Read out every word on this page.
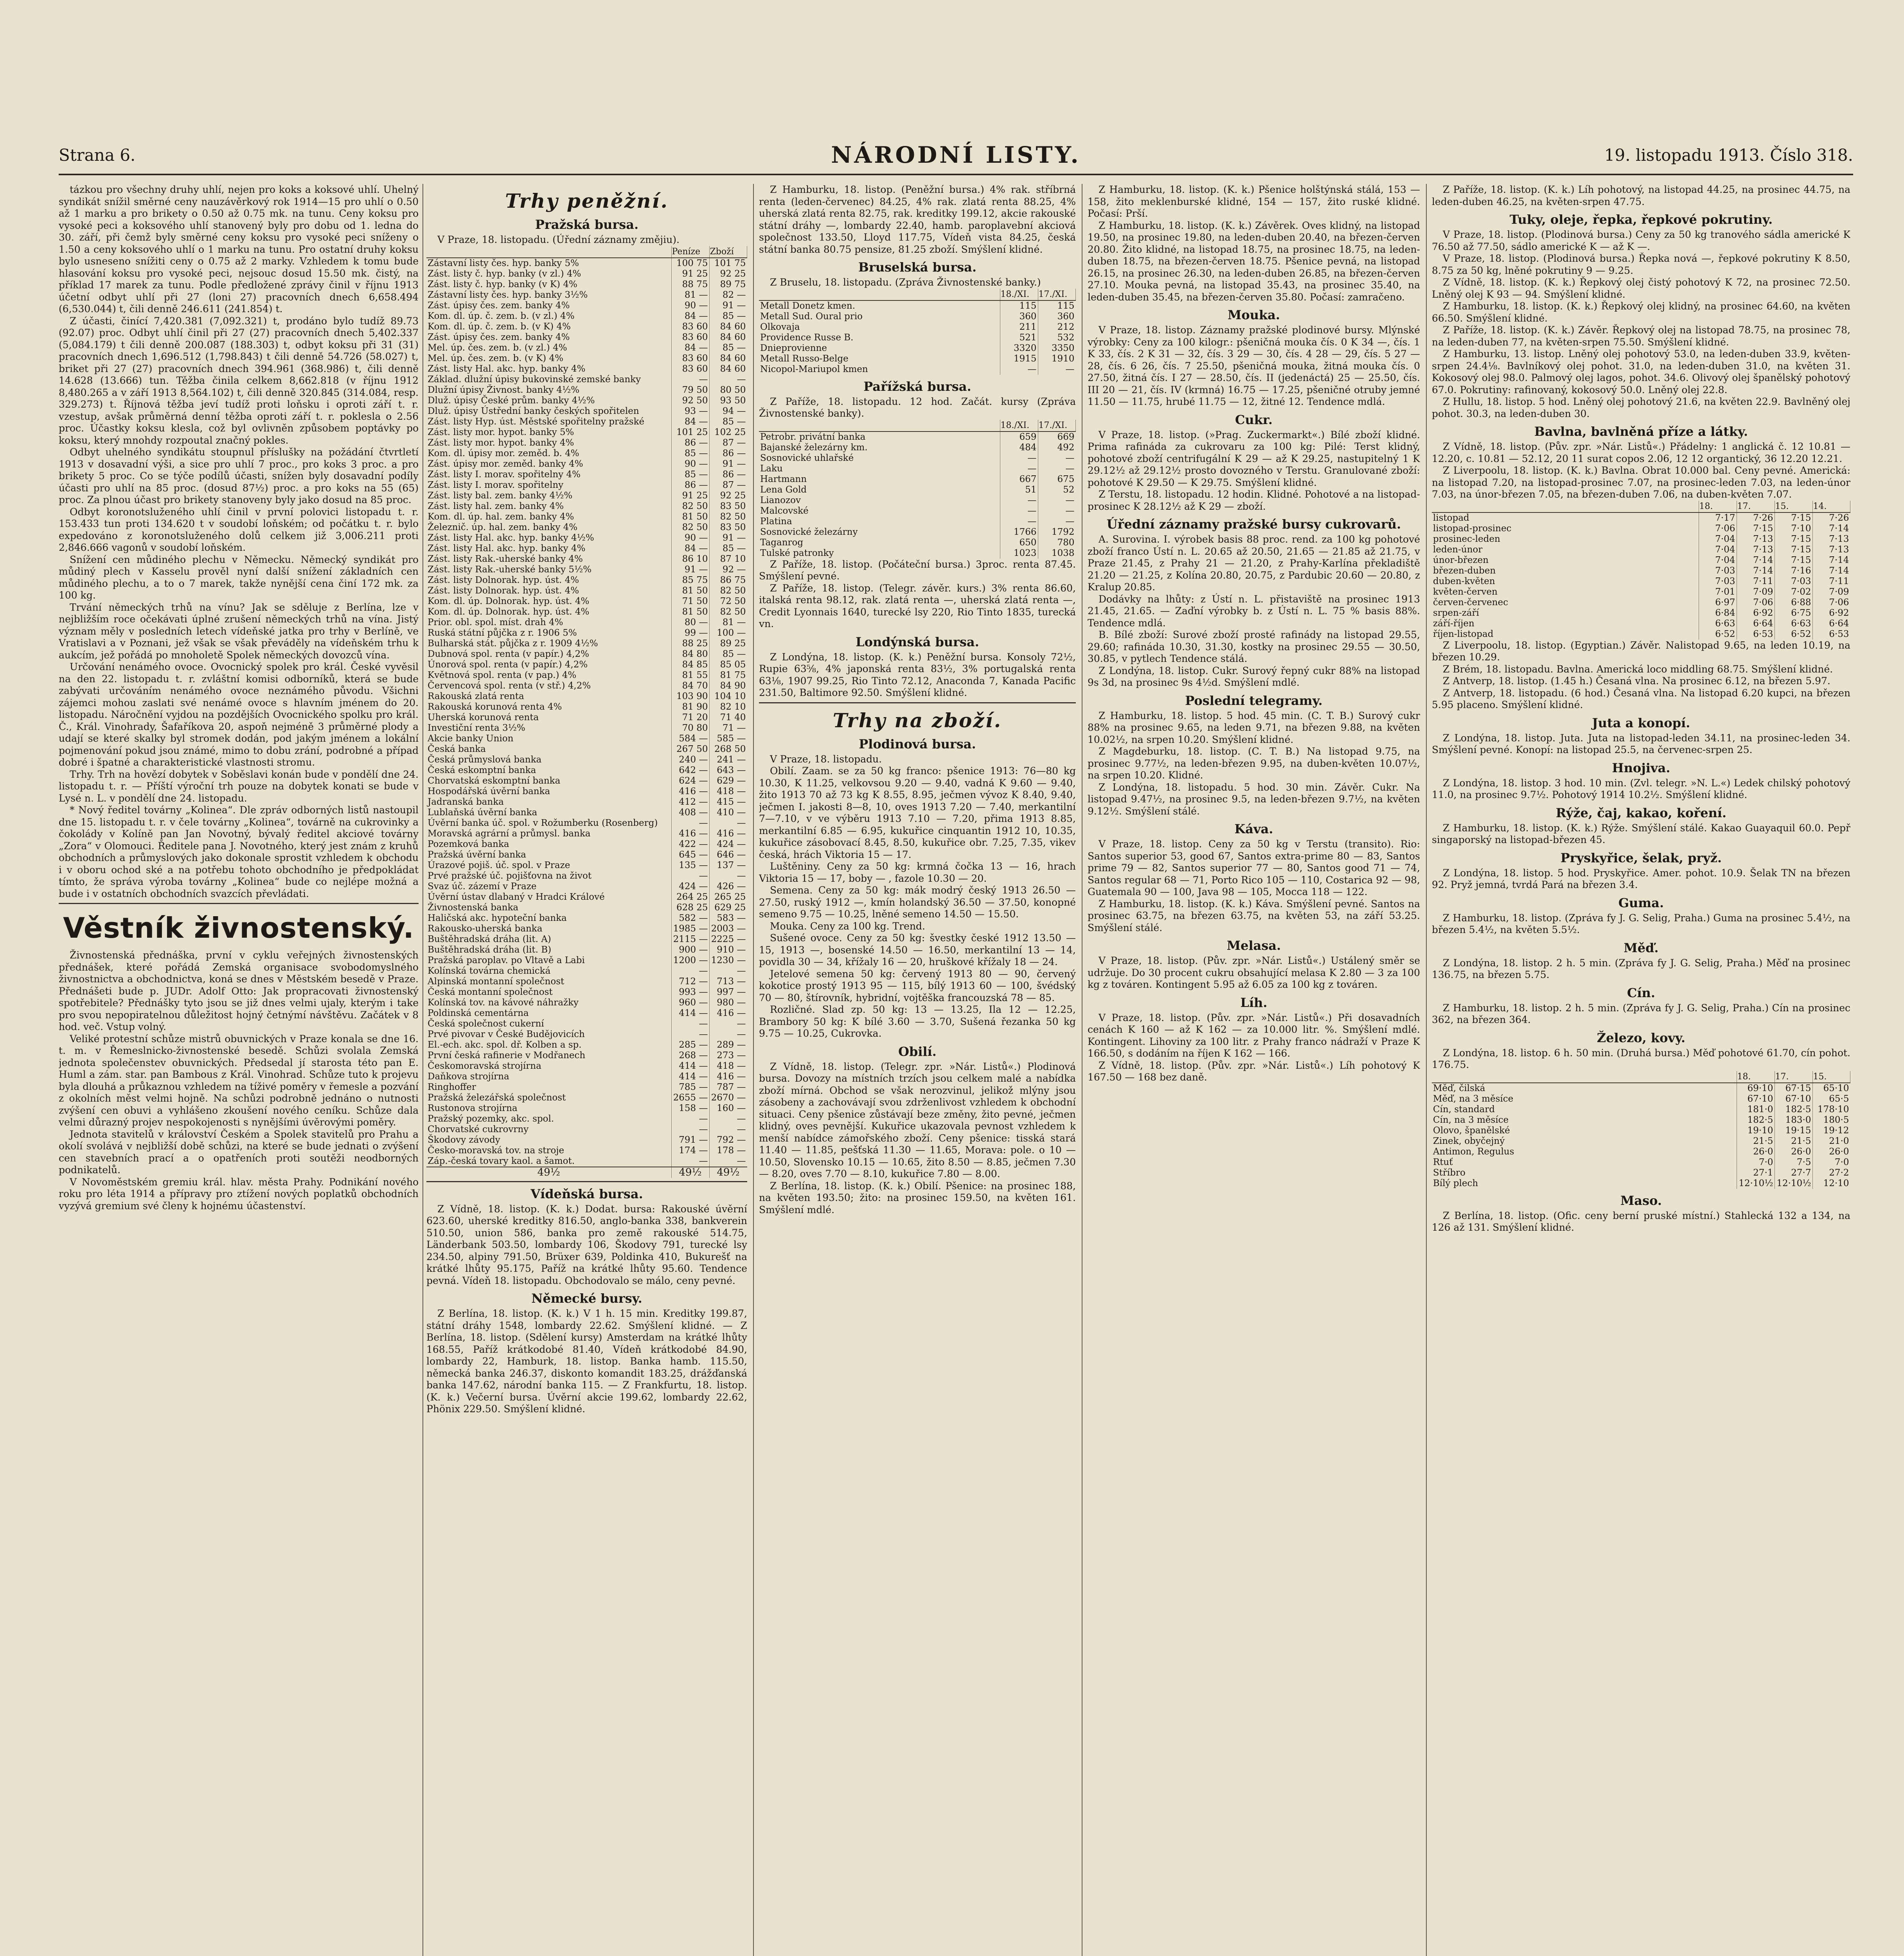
Strana 6.	NÁRODNÍ LISTY.	19. listopadu 1913. Číslo 318.

tázkou pro všechny druhy uhlí, nejen pro koks a koksové uhlí. Uhelný syndikát snížil směrné ceny nauzávěrkový rok 1914—15 pro uhlí o 0.50 až 1 marku a pro brikety o 0.50 až 0.75 mk. na tunu. Ceny koksu pro vysoké peci a koksového uhlí stanovený byly pro dobu od 1. ledna do 30. září, při čemž byly směrné ceny koksu pro vysoké peci sníženy o 1.50 a ceny koksového uhlí o 1 marku na tunu. Pro ostatní druhy koksu bylo usneseno snížiti ceny o 0.75 až 2 marky. Vzhledem k tomu bude hlasování koksu pro vysoké peci, nejsouc dosud 15.50 mk. čistý, na příklad 17 marek za tunu. Podle předložené zprávy činil v říjnu 1913 účetní odbyt uhlí při 27 (loni 27) pracovních dnech 6,658.494 (6,530.044) t, čili denně 246.611 (241.854) t.

Z účasti, činící 7,420.381 (7,092.321) t, prodáno bylo tudíž 89.73 (92.07) proc. Odbyt uhlí činil při 27 (27) pracovních dnech 5,402.337 (5,084.179) t čili denně 200.087 (188.303) t, odbyt koksu při 31 (31) pracovních dnech 1,696.512 (1,798.843) t čili denně 54.726 (58.027) t, briket při 27 (27) pracovních dnech 394.961 (368.986) t, čili denně 14.628 (13.666) tun. Těžba činila celkem 8,662.818 (v říjnu 1912 8,480.265 a v září 1913 8,564.102) t, čili denně 320.845 (314.084, resp. 329.273) t. Říjnová těžba jeví tudíž proti loňsku i oproti září t. r. vzestup, avšak průměrná denní těžba oproti září t. r. poklesla o 2.56 proc. Účastky koksu klesla, což byl ovlivněn způsobem poptávky po koksu, který mnohdy rozpoutal značný pokles.

Odbyt uhelného syndikátu stoupnul příslušky na požádání čtvrtletí 1913 v dosavadní výši, a sice pro uhlí 7 proc., pro koks 3 proc. a pro brikety 5 proc. Co se týče podílů účasti, snížen byly dosavadní podíly účasti pro uhlí na 85 proc. (dosud 87½) proc. a pro koks na 55 (65) proc. Za plnou účast pro brikety stanoveny byly jako dosud na 85 proc.

Odbyt koronotsluženého uhlí činil v první polovici listopadu t. r. 153.433 tun proti 134.620 t v soudobí loňském; od počátku t. r. bylo expedováno z koronotsluženého dolů celkem již 3,006.211 proti 2,846.666 vagonů v soudobí loňském.

Snížení cen můdiného plechu v Německu. Německý syndikát pro můdiný plech v Kasselu prověl nyní další snížení základních cen můdiného plechu, a to o 7 marek, takže nynější cena činí 172 mk. za 100 kg.

Trvání německých trhů na vínu? Jak se sděluje z Berlína, lze v nejbližším roce očekávati úplné zrušení německých trhů na vína. Jistý význam měly v posledních letech vídeňské jatka pro trhy v Berlíně, ve Vratislavi a v Poznani, jež však se však převáděly na vídeňském trhu k aukcím, jež pořádá po mnoholetě Spolek německých dovozců vína.

Určování nenámého ovoce. Ovocnický spolek pro král. České vyvěsil na den 22. listopadu t. r. zvláštní komisi odborníků, která se bude zabývati určováním nenámého ovoce neznámého původu. Všichni zájemci mohou zaslati své nenámé ovoce s hlavním jménem do 20. listopadu. Náročnění vyjdou na pozdějších Ovocnického spolku pro král. Č., Král. Vinohrady, Šafaříkova 20, aspoň nejméně 3 průměrné plody a udají se které skalky byl stromek dodán, pod jakým jménem a lokální pojmenování pokud jsou známé, mimo to dobu zrání, podrobné a případ dobré i špatné a charakteristické vlastnosti stromu.

Trhy. Trh na hovězí dobytek v Soběslavi konán bude v pondělí dne 24. listopadu t. r. — Příští výroční trh pouze na dobytek konati se bude v Lysé n. L. v pondělí dne 24. listopadu.

* Nový ředitel továrny „Kolinea“. Dle zpráv odborných listů nastoupil dne 15. listopadu t. r. v čele továrny „Kolinea“, továrně na cukrovinky a čokolády v Kolíně pan Jan Novotný, bývalý ředitel akciové továrny „Zora“ v Olomouci. Ředitele pana J. Novotného, který jest znám z kruhů obchodních a průmyslových jako dokonale sprostit vzhledem k obchodu i v oboru ochod ské a na potřebu tohoto obchodního je předpokládat tímto, že správa výroba továrny „Kolinea“ bude co nejlépe možná a bude i v ostatních obchodních svazcích převládati.

Věstník živnostenský.

Živnostenská přednáška, první v cyklu veřejných živnostenských přednášek, které pořádá Zemská organisace svobodomyslného živnostnictva a obchodnictva, koná se dnes v Městském besedě v Praze. Přednášeti bude p. JUDr. Adolf Otto: Jak propracovati živnostenský spotřebitele? Přednášky tyto jsou se již dnes velmi ujaly, kterým i take pro svou nepopiratelnou důležitost hojný četnýmí návštěvu. Začátek v 8 hod. več. Vstup volný.

Veliké protestní schůze mistrů obuvnických v Praze konala se dne 16. t. m. v Řemeslnicko-živnostenské besedě. Schůzi svolala Zemská jednota společenstev obuvnických. Předsedal jí starosta této pan E. Huml a zám. star. pan Bambous z Král. Vinohrad. Schůze tuto k projevu byla dlouhá a průkaznou vzhledem na tíživé poměry v řemesle a pozvání z okolních měst velmi hojně. Na schůzi podrobně jednáno o nutnosti zvýšení cen obuvi a vyhlášeno zkoušení nového ceníku. Schůze dala velmi důrazný projev nespokojenosti s nynějšími úvěrovými poměry.

Jednota stavitelů v království Českém a Spolek stavitelů pro Prahu a okolí svolává v nejbližší době schůzi, na které se bude jednati o zvýšení cen stavebních prací a o opatřeních proti soutěži neodborných podnikatelů.

V Novoměstském gremiu král. hlav. města Prahy. Podnikání nového roku pro léta 1914 a přípravy pro ztížení nových poplatků obchodních vyzývá gremium své členy k hojnému účastenství.

Trhy peněžní.
Pražská bursa.

V Praze, 18. listopadu. (Úřední záznamy změjiu).

	Peníze	Zboží
Zástavní listy čes. hyp. banky 5%	100 75	101 75
Zást. listy č. hyp. banky (v zl.) 4%	91 25	92 25
Zást. listy č. hyp. banky (v K) 4%	88 75	89 75
Zástavní listy čes. hyp. banky 3½%	81 —	82 —
Zást. úpisy čes. zem. banky 4%	90 —	91 —
Kom. dl. úp. č. zem. b. (v zl.) 4%	84 —	85 —
Kom. dl. úp. č. zem. b. (v K) 4%	83 60	84 60
Zást. úpisy čes. zem. banky 4%	83 60	84 60
Mel. úp. čes. zem. b. (v zl.) 4%	84 —	85 —
Mel. úp. čes. zem. b. (v K) 4%	83 60	84 60
Zást. listy Hal. akc. hyp. banky 4%	83 60	84 60
Základ. dlužní úpisy bukovinské zemské banky	—	—
Dlužní úpisy Živnost. banky 4½%	79 50	80 50
Dluž. úpisy České prům. banky 4½%	92 50	93 50
Dluž. úpisy Ústřední banky českých spořitelen	93 —	94 —
Zást. listy Hyp. úst. Městské spořitelny pražské	84 —	85 —
Zást. listy mor. hypot. banky 5%	101 25	102 25
Zást. listy mor. hypot. banky 4%	86 —	87 —
Kom. dl. úpisy mor. zeměd. b. 4%	85 —	86 —
Zást. úpisy mor. zeměd. banky 4%	90 —	91 —
Zást. listy I. morav. spořitelny 4%	85 —	86 —
Zást. listy I. morav. spořitelny	86 —	87 —
Zást. listy bal. zem. banky 4½%	91 25	92 25
Zást. listy hal. zem. banky 4%	82 50	83 50
Kom. dl. úp. hal. zem. banky 4%	81 50	82 50
Železnič. úp. hal. zem. banky 4%	82 50	83 50
Zást. listy Hal. akc. hyp. banky 4½%	90 —	91 —
Zást. listy Hal. akc. hyp. banky 4%	84 —	85 —
Zást. listy Rak.-uherské banky 4%	86 10	87 10
Zást. listy Rak.-uherské banky 5½%	91 —	92 —
Zást. listy Dolnorak. hyp. úst. 4%	85 75	86 75
Zást. listy Dolnorak. hyp. úst. 4%	81 50	82 50
Kom. dl. úp. Dolnorak. hyp. úst. 4%	71 50	72 50
Kom. dl. úp. Dolnorak. hyp. úst. 4%	81 50	82 50
Prior. obl. spol. míst. drah 4%	80 —	81 —
Ruská státní půjčka z r. 1906 5%	99 —	100 —
Bulharská stát. půjčka z r. 1909 4½%	88 25	89 25
Dubnová spol. renta (v papír.) 4,2%	84 80	85 —
Únorová spol. renta (v papír.) 4,2%	84 85	85 05
Květnová spol. renta (v pap.) 4%	81 55	81 75
Červencová spol. renta (v stř.) 4,2%	84 70	84 90
Rakouská zlatá renta	103 90	104 10
Rakouská korunová renta 4%	81 90	82 10
Uherská korunová renta	71 20	71 40
Investiční renta 3½%	70 80	71 —
Akcie banky Union	584 —	585 —
Česká banka	267 50	268 50
Česká průmyslová banka	240 —	241 —
Česká eskomptní banka	642 —	643 —
Chorvatská eskomptní banka	624 —	629 —
Hospodářská úvěrní banka	416 —	418 —
Jadranská banka	412 —	415 —
Lublaňská úvěrní banka	408 —	410 —
Úvěrní banka úč. spol. v Rožumberku (Rosenberg)	—	—
Moravská agrární a průmysl. banka	416 —	416 —
Pozemková banka	422 —	424 —
Pražská úvěrní banka	645 —	646 —
Úrazové pojiš. úč. spol. v Praze	135 —	137 —
Prvé pražské úč. pojišťovna na život	—	—
Svaz úč. zázemí v Praze	424 —	426 —
Úvěrní ústav dlabaný v Hradci Králové	264 25	265 25
Živnostenská banka	628 25	629 25
Haličská akc. hypoteční banka	582 —	583 —
Rakousko-uherská banka	1985 —	2003 —
Buštěhradská dráha (lit. A)	2115 —	2225 —
Buštěhradská dráha (lit. B)	900 —	910 —
Pražská paroplav. po Vltavě a Labi	1200 —	1230 —
Kolínská továrna chemická	—	—
Alpinská montanní společnost	712 —	713 —
Česká montanní společnost	993 —	997 —
Kolínská tov. na kávové náhražky	960 —	980 —
Poldinská cementárna	414 —	416 —
Česká společnost cukerní	—	—
Prvé pivovar v České Budějovicích	—	—
El.-ech. akc. spol. dř. Kolben a sp.	285 —	289 —
První česká rafinerie v Modřanech	268 —	273 —
Českomoravská strojírna	414 —	418 —
Daňkova strojírna	414 —	416 —
Ringhoffer	785 —	787 —
Pražská železářská společnost	2655 —	2670 —
Rustonova strojírna	158 —	160 —
Pražský pozemky, akc. spol.	—	—
Chorvatské cukrovrny	—	—
Škodovy závody	791 —	792 —
Česko-moravská tov. na stroje	174 —	178 —
Záp.-česká tovary kaol. a šamot.	—	—
49½	49½	49½
Vídeňská bursa.

Z Vídně, 18. listop. (K. k.) Dodat. bursa: Rakouské úvěrní 623.60, uherské kreditky 816.50, anglo-banka 338, bankverein 510.50, union 586, banka pro země rakouské 514.75, Länderbank 503.50, lombardy 106, Škodovy 791, turecké lsy 234.50, alpiny 791.50, Brüxer 639, Poldinka 410, Bukurešť na krátké lhůty 95.175, Paříž na krátké lhůty 95.60. Tendence pevná. Vídeň 18. listopadu. Obchodovalo se málo, ceny pevné.

Německé bursy.

Z Berlína, 18. listop. (K. k.) V 1 h. 15 min. Kreditky 199.87, státní dráhy 1548, lombardy 22.62. Smýšlení klidné. — Z Berlína, 18. listop. (Sdělení kursy) Amsterdam na krátké lhůty 168.55, Paříž krátkodobé 81.40, Vídeň krátkodobé 84.90, lombardy 22, Hamburk, 18. listop. Banka hamb. 115.50, německá banka 246.37, diskonto komandit 183.25, drážďanská banka 147.62, národní banka 115. — Z Frankfurtu, 18. listop. (K. k.) Večerní bursa. Úvěrní akcie 199.62, lombardy 22.62, Phönix 229.50. Smýšlení klidné.

Z Hamburku, 18. listop. (Peněžní bursa.) 4% rak. stříbrná renta (leden-červenec) 84.25, 4% rak. zlatá renta 88.25, 4% uherská zlatá renta 82.75, rak. kreditky 199.12, akcie rakouské státní dráhy —, lombardy 22.40, hamb. paroplavební akciová společnost 133.50, Lloyd 117.75, Vídeň vista 84.25, česká státní banka 80.75 pensize, 81.25 zboží. Smýšlení klidné.

Bruselská bursa.

Z Bruselu, 18. listopadu. (Zpráva Živnostenské banky.)

	18./XI.	17./XI.
Metall Donetz kmen.	115	115
Metall Sud. Oural prio	360	360
Olkovaja	211	212
Providence Russe B.	521	532
Dnieprovienne	3320	3350
Metall Russo-Belge	1915	1910
Nicopol-Mariupol kmen	—	—
Pařížská bursa.

Z Paříže, 18. listopadu. 12 hod. Začát. kursy (Zpráva Živnostenské banky).

	18./XI.	17./XI.
Petrobr. privátní banka	659	669
Bajanské železárny km.	484	492
Sosnovické uhlařské	—	—
Laku	—	—
Hartmann	667	675
Lena Gold	51	52
Lianozov	—	—
Malcovské	—	—
Platina	—	—
Sosnovické železárny	1766	1792
Taganrog	650	780
Tulské patronky	1023	1038

Z Paříže, 18. listop. (Počáteční bursa.) 3proc. renta 87.45. Smýšlení pevné.

Z Paříže, 18. listop. (Telegr. závěr. kurs.) 3% renta 86.60, italská renta 98.12, rak. zlatá renta —, uherská zlatá renta —, Credit Lyonnais 1640, turecké lsy 220, Rio Tinto 1835, turecká vn.

Londýnská bursa.

Z Londýna, 18. listop. (K. k.) Peněžní bursa. Konsoly 72½, Rupie 63⅝, 4% japonská renta 83½, 3% portugalská renta 63⅛, 1907 99.25, Rio Tinto 72.12, Anaconda 7, Kanada Pacific 231.50, Baltimore 92.50. Smýšlení klidné.

Trhy na zboží.
Plodinová bursa.

V Praze, 18. listopadu.

Obilí. Zaam. se za 50 kg franco: pšenice 1913: 76—80 kg 10.30, K 11.25, velkovsou 9.20 — 9.40, vadná K 9.60 — 9.40, žito 1913 70 až 73 kg K 8.55, 8.95, ječmen vývoz K 8.40, 9.40, ječmen I. jakosti 8—8, 10, oves 1913 7.20 — 7.40, merkantilní 7—7.10, v ve výběru 1913 7.10 — 7.20, přima 1913 8.85, merkantilní 6.85 — 6.95, kukuřice cinquantin 1912 10, 10.35, kukuřice zásobovací 8.45, 8.50, kukuřice obr. 7.25, 7.35, vikev česká, hrách Viktoria 15 — 17.

Luštěniny. Ceny za 50 kg: krmná čočka 13 — 16, hrach Viktoria 15 — 17, boby — , fazole 10.30 — 20.

Semena. Ceny za 50 kg: mák modrý český 1913 26.50 — 27.50, ruský 1912 —, kmín holandský 36.50 — 37.50, konopné semeno 9.75 — 10.25, lněné semeno 14.50 — 15.50.

Mouka. Ceny za 100 kg. Trend.

Sušené ovoce. Ceny za 50 kg: švestky české 1912 13.50 — 15, 1913 —, bosenské 14.50 — 16.50, merkantilní 13 — 14, povidla 30 — 34, křížaly 16 — 20, hruškové křížaly 18 — 24.

Jetelové semena 50 kg: červený 1913 80 — 90, červený kokotice prostý 1913 95 — 115, bílý 1913 60 — 100, švédský 70 — 80, štírovník, hybridní, vojtěška francouzská 78 — 85.

Rozličné. Slad zp. 50 kg: 13 — 13.25, Ila 12 — 12.25, Brambory 50 kg: K bílé 3.60 — 3.70, Sušená řezanka 50 kg 9.75 — 10.25, Cukrovka.

Obilí.

Z Vídně, 18. listop. (Telegr. zpr. »Nár. Listů«.) Plodinová bursa. Dovozy na místních trzích jsou celkem malé a nabídka zboží mírná. Obchod se však nerozvinul, jelikož mlýny jsou zásobeny a zachovávají svou zdrženlivost vzhledem k obchodní situaci. Ceny pšenice zůstávají beze změny, žito pevné, ječmen klidný, oves pevnější. Kukuřice ukazovala pevnost vzhledem k menší nabídce zámořského zboží. Ceny pšenice: tisská stará 11.40 — 11.85, pešťská 11.30 — 11.65, Morava: pole. o 10 — 10.50, Slovensko 10.15 — 10.65, žito 8.50 — 8.85, ječmen 7.30 — 8.20, oves 7.70 — 8.10, kukuřice 7.80 — 8.00.

Z Berlína, 18. listop. (K. k.) Obilí. Pšenice: na prosinec 188, na květen 193.50; žito: na prosinec 159.50, na květen 161. Smýšlení mdlé.

Z Hamburku, 18. listop. (K. k.) Pšenice holštýnská stálá, 153 — 158, žito meklenburské klidné, 154 — 157, žito ruské klidné. Počasí: Prší.

Z Hamburku, 18. listop. (K. k.) Závěrek. Oves klidný, na listopad 19.50, na prosinec 19.80, na leden-duben 20.40, na březen-červen 20.80. Žito klidné, na listopad 18.75, na prosinec 18.75, na leden-duben 18.75, na březen-červen 18.75. Pšenice pevná, na listopad 26.15, na prosinec 26.30, na leden-duben 26.85, na březen-červen 27.10. Mouka pevná, na listopad 35.43, na prosinec 35.40, na leden-duben 35.45, na březen-červen 35.80. Počasí: zamračeno.

Mouka.

V Praze, 18. listop. Záznamy pražské plodinové bursy. Mlýnské výrobky: Ceny za 100 kilogr.: pšeničná mouka čís. 0 K 34 —, čís. 1 K 33, čís. 2 K 31 — 32, čís. 3 29 — 30, čís. 4 28 — 29, čís. 5 27 — 28, čís. 6 26, čís. 7 25.50, pšeničná mouka, žitná mouka čís. 0 27.50, žitná čís. I 27 — 28.50, čís. II (jedenáctá) 25 — 25.50, čís. III 20 — 21, čís. IV (krmná) 16.75 — 17.25, pšeničné otruby jemné 11.50 — 11.75, hrubé 11.75 — 12, žitné 12. Tendence mdlá.

Cukr.

V Praze, 18. listop. (»Prag. Zuckermarkt«.) Bílé zboží klidné. Prima rafináda za cukrovaru za 100 kg: Pilé: Terst klidný, pohotové zboží centrifugální K 29 — až K 29.25, nastupitelný 1 K 29.12½ až 29.12½ prosto dovozného v Terstu. Granulované zboží: pohotové K 29.50 — K 29.75. Smýšlení klidné.

Z Terstu, 18. listopadu. 12 hodin. Klidné. Pohotové a na listopad-prosinec K 28.12½ až K 29 — zboží.

Úřední záznamy pražské bursy cukrovarů.

A. Surovina. I. výrobek basis 88 proc. rend. za 100 kg pohotové zboží franco Ústí n. L. 20.65 až 20.50, 21.65 — 21.85 až 21.75, v Praze 21.45, z Prahy 21 — 21.20, z Prahy-Karlína překladiště 21.20 — 21.25, z Kolína 20.80, 20.75, z Pardubic 20.60 — 20.80, z Kralup 20.85.

Dodávky na lhůty: z Ústí n. L. přistaviště na prosinec 1913 21.45, 21.65. — Zaďní výrobky b. z Ústí n. L. 75 % basis 88%. Tendence mdlá.

B. Bílé zboží: Surové zboží prosté rafinády na listopad 29.55, 29.60; rafináda 10.30, 31.30, kostky na prosinec 29.55 — 30.50, 30.85, v pytlech Tendence stálá.

Z Londýna, 18. listop. Cukr. Surový řepný cukr 88% na listopad 9s 3d, na prosinec 9s 4½d. Smýšlení mdlé.

Poslední telegramy.

Z Hamburku, 18. listop. 5 hod. 45 min. (C. T. B.) Surový cukr 88% na prosinec 9.65, na leden 9.71, na březen 9.88, na květen 10.02½, na srpen 10.20. Smýšlení klidné.

Z Magdeburku, 18. listop. (C. T. B.) Na listopad 9.75, na prosinec 9.77½, na leden-březen 9.95, na duben-květen 10.07½, na srpen 10.20. Klidné.

Z Londýna, 18. listopadu. 5 hod. 30 min. Závěr. Cukr. Na listopad 9.47½, na prosinec 9.5, na leden-březen 9.7½, na květen 9.12½. Smýšlení stálé.

Káva.

V Praze, 18. listop. Ceny za 50 kg v Terstu (transito). Rio: Santos superior 53, good 67, Santos extra-prime 80 — 83, Santos prime 79 — 82, Santos superior 77 — 80, Santos good 71 — 74, Santos regular 68 — 71, Porto Rico 105 — 110, Costarica 92 — 98, Guatemala 90 — 100, Java 98 — 105, Mocca 118 — 122.

Z Hamburku, 18. listop. (K. k.) Káva. Smýšlení pevné. Santos na prosinec 63.75, na březen 63.75, na květen 53, na září 53.25. Smýšlení stálé.

Melasa.

V Praze, 18. listop. (Pův. zpr. »Nár. Listů«.) Ustálený směr se udržuje. Do 30 procent cukru obsahující melasa K 2.80 — 3 za 100 kg z továren. Kontingent 5.95 až 6.05 za 100 kg z továren.

Líh.

V Praze, 18. listop. (Pův. zpr. »Nár. Listů«.) Při dosavadních cenách K 160 — až K 162 — za 10.000 litr. %. Smýšlení mdlé. Kontingent. Lihoviny za 100 litr. z Prahy franco nádraží v Praze K 166.50, s dodáním na říjen K 162 — 166.

Z Vídně, 18. listop. (Pův. zpr. »Nár. Listů«.) Líh pohotový K 167.50 — 168 bez daně.

Z Paříže, 18. listop. (K. k.) Líh pohotový, na listopad 44.25, na prosinec 44.75, na leden-duben 46.25, na květen-srpen 47.75.

Tuky, oleje, řepka, řepkové pokrutiny.

V Praze, 18. listop. (Plodinová bursa.) Ceny za 50 kg tranového sádla americké K 76.50 až 77.50, sádlo americké K — až K —.

V Praze, 18. listop. (Plodinová bursa.) Řepka nová —, řepkové pokrutiny K 8.50, 8.75 za 50 kg, lněné pokrutiny 9 — 9.25.

Z Vídně, 18. listop. (K. k.) Řepkový olej čistý pohotový K 72, na prosinec 72.50. Lněný olej K 93 — 94. Smýšlení klidné.

Z Hamburku, 18. listop. (K. k.) Řepkový olej klidný, na prosinec 64.60, na květen 66.50. Smýšlení klidné.

Z Paříže, 18. listop. (K. k.) Závěr. Řepkový olej na listopad 78.75, na prosinec 78, na leden-duben 77, na květen-srpen 75.50. Smýšlení klidné.

Z Hamburku, 13. listop. Lněný olej pohotový 53.0, na leden-duben 33.9, květen-srpen 24.4⅛. Bavlníkový olej pohot. 31.0, na leden-duben 31.0, na květen 31. Kokosový olej 98.0. Palmový olej lagos, pohot. 34.6. Olivový olej španělský pohotový 67.0. Pokrutiny: rafinovaný, kokosový 50.0. Lněný olej 22.8.

Z Hullu, 18. listop. 5 hod. Lněný olej pohotový 21.6, na květen 22.9. Bavlněný olej pohot. 30.3, na leden-duben 30.

Bavlna, bavlněná příze a látky.

Z Vídně, 18. listop. (Pův. zpr. »Nár. Listů«.) Přádelny: 1 anglická č. 12 10.81 — 12.20, c. 10.81 — 52.12, 20 11 surat copos 2.06, 12 12 organtický, 36 12.20 12.21.

Z Liverpoolu, 18. listop. (K. k.) Bavlna. Obrat 10.000 bal. Ceny pevné. Americká: na listopad 7.20, na listopad-prosinec 7.07, na prosinec-leden 7.03, na leden-únor 7.03, na únor-březen 7.05, na březen-duben 7.06, na duben-květen 7.07.

	18.	17.	15.	14.
listopad	7·17	7·26	7·15	7·26
listopad-prosinec	7·06	7·15	7·10	7·14
prosinec-leden	7·04	7·13	7·15	7·13
leden-únor	7·04	7·13	7·15	7·13
únor-březen	7·04	7·14	7·15	7·14
březen-duben	7·03	7·14	7·16	7·14
duben-květen	7·03	7·11	7·03	7·11
květen-červen	7·01	7·09	7·02	7·09
červen-červenec	6·97	7·06	6·88	7·06
srpen-září	6·84	6·92	6·75	6·92
září-říjen	6·63	6·64	6·63	6·64
říjen-listopad	6·52	6·53	6·52	6·53

Z Liverpoolu, 18. listop. (Egyptian.) Závěr. Nalistopad 9.65, na leden 10.19, na březen 10.29.

Z Brém, 18. listopadu. Bavlna. Americká loco middling 68.75. Smýšlení klidné.

Z Antverp, 18. listop. (1.45 h.) Česaná vlna. Na prosinec 6.12, na březen 5.97.

Z Antverp, 18. listopadu. (6 hod.) Česaná vlna. Na listopad 6.20 kupci, na březen 5.95 placeno. Smýšlení klidné.

Juta a konopí.

Z Londýna, 18. listop. Juta. Juta na listopad-leden 34.11, na prosinec-leden 34. Smýšlení pevné. Konopí: na listopad 25.5, na červenec-srpen 25.

Hnojiva.

Z Londýna, 18. listop. 3 hod. 10 min. (Zvl. telegr. »N. L.«) Ledek chilský pohotový 11.0, na prosinec 9.7½. Pohotový 1914 10.2½. Smýšlení klidné.

Rýže, čaj, kakao, koření.

Z Hamburku, 18. listop. (K. k.) Rýže. Smýšlení stálé. Kakao Guayaquil 60.0. Pepř singaporský na listopad-březen 45.

Pryskyřice, šelak, pryž.

Z Londýna, 18. listop. 5 hod. Pryskyřice. Amer. pohot. 10.9. Šelak TN na březen 92. Pryž jemná, tvrdá Pará na březen 3.4.

Guma.

Z Hamburku, 18. listop. (Zpráva fy J. G. Selig, Praha.) Guma na prosinec 5.4½, na březen 5.4½, na květen 5.5½.

Měď.

Z Londýna, 18. listop. 2 h. 5 min. (Zpráva fy J. G. Selig, Praha.) Měď na prosinec 136.75, na březen 5.75.

Cín.

Z Hamburku, 18. listop. 2 h. 5 min. (Zpráva fy J. G. Selig, Praha.) Cín na prosinec 362, na březen 364.

Železo, kovy.

Z Londýna, 18. listop. 6 h. 50 min. (Druhá bursa.) Měď pohotové 61.70, cín pohot. 176.75.

	18.	17.	15.
Měď, čilská	69·10	67·15	65·10
Měď, na 3 měsíce	67·10	67·10	65·5
Cín, standard	181·0	182·5	178·10
Cín, na 3 měsíce	182·5	183·0	180·5
Olovo, španělské	19·10	19·15	19·12
Zinek, obyčejný	21·5	21·5	21·0
Antimon, Regulus	26·0	26·0	26·0
Rtuť	7·0	7·5	7·0
Stříbro	27·1	27·7	27·2
Bílý plech	12·10½	12·10½	12·10
Maso.

Z Berlína, 18. listop. (Ofic. ceny berní pruské místní.) Stahlecká 132 a 134, na 126 až 131. Smýšlení klidné.
